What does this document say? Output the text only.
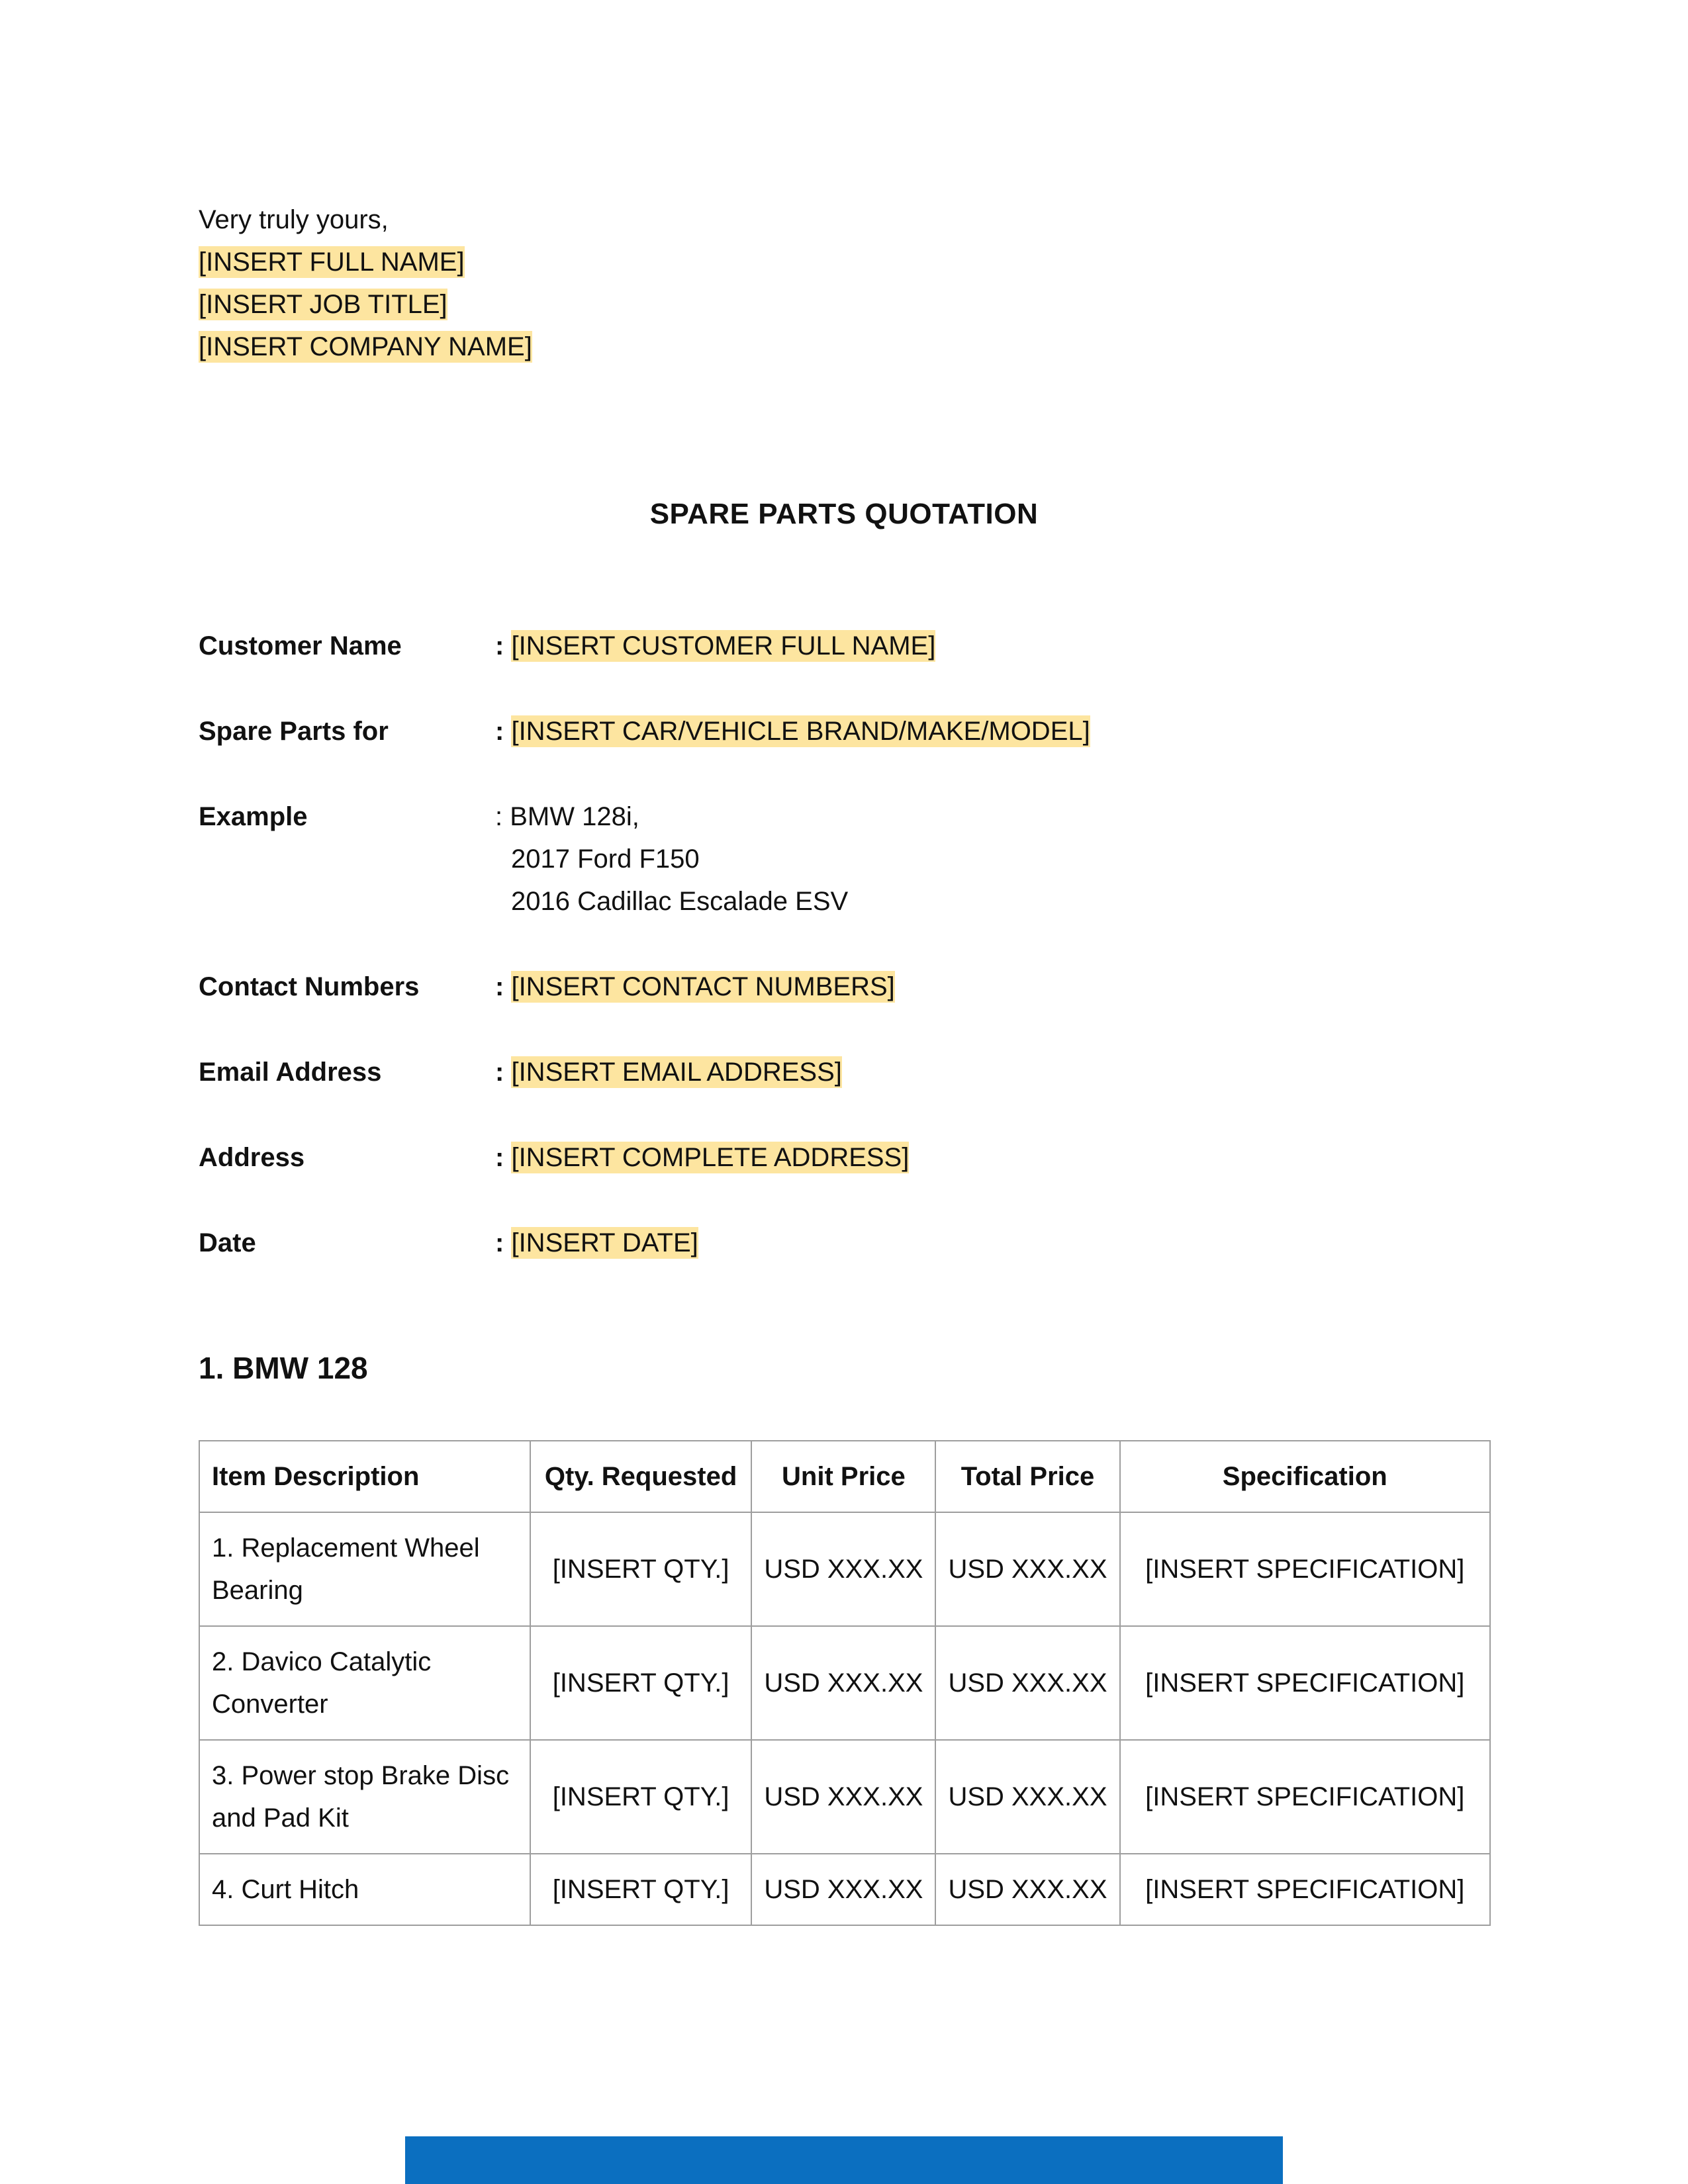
Very truly yours,
[INSERT FULL NAME]
[INSERT JOB TITLE]
[INSERT COMPANY NAME]
SPARE PARTS QUOTATION
Customer Name	: [INSERT CUSTOMER FULL NAME]
Spare Parts for	: [INSERT CAR/VEHICLE BRAND/MAKE/MODEL]
Example	: BMW 128i,
2017 Ford F150
2016 Cadillac Escalade ESV
Contact Numbers	: [INSERT CONTACT NUMBERS]
Email Address	: [INSERT EMAIL ADDRESS]
Address	: [INSERT COMPLETE ADDRESS]
Date	: [INSERT DATE]
1. BMW 128
Item Description	Qty. Requested	Unit Price	Total Price	Specification
1. Replacement Wheel Bearing	[INSERT QTY.]	USD XXX.XX	USD XXX.XX	[INSERT SPECIFICATION]
2. Davico Catalytic Converter	[INSERT QTY.]	USD XXX.XX	USD XXX.XX	[INSERT SPECIFICATION]
3. Power stop Brake Disc and Pad Kit	[INSERT QTY.]	USD XXX.XX	USD XXX.XX	[INSERT SPECIFICATION]
4. Curt Hitch	[INSERT QTY.]	USD XXX.XX	USD XXX.XX	[INSERT SPECIFICATION]
